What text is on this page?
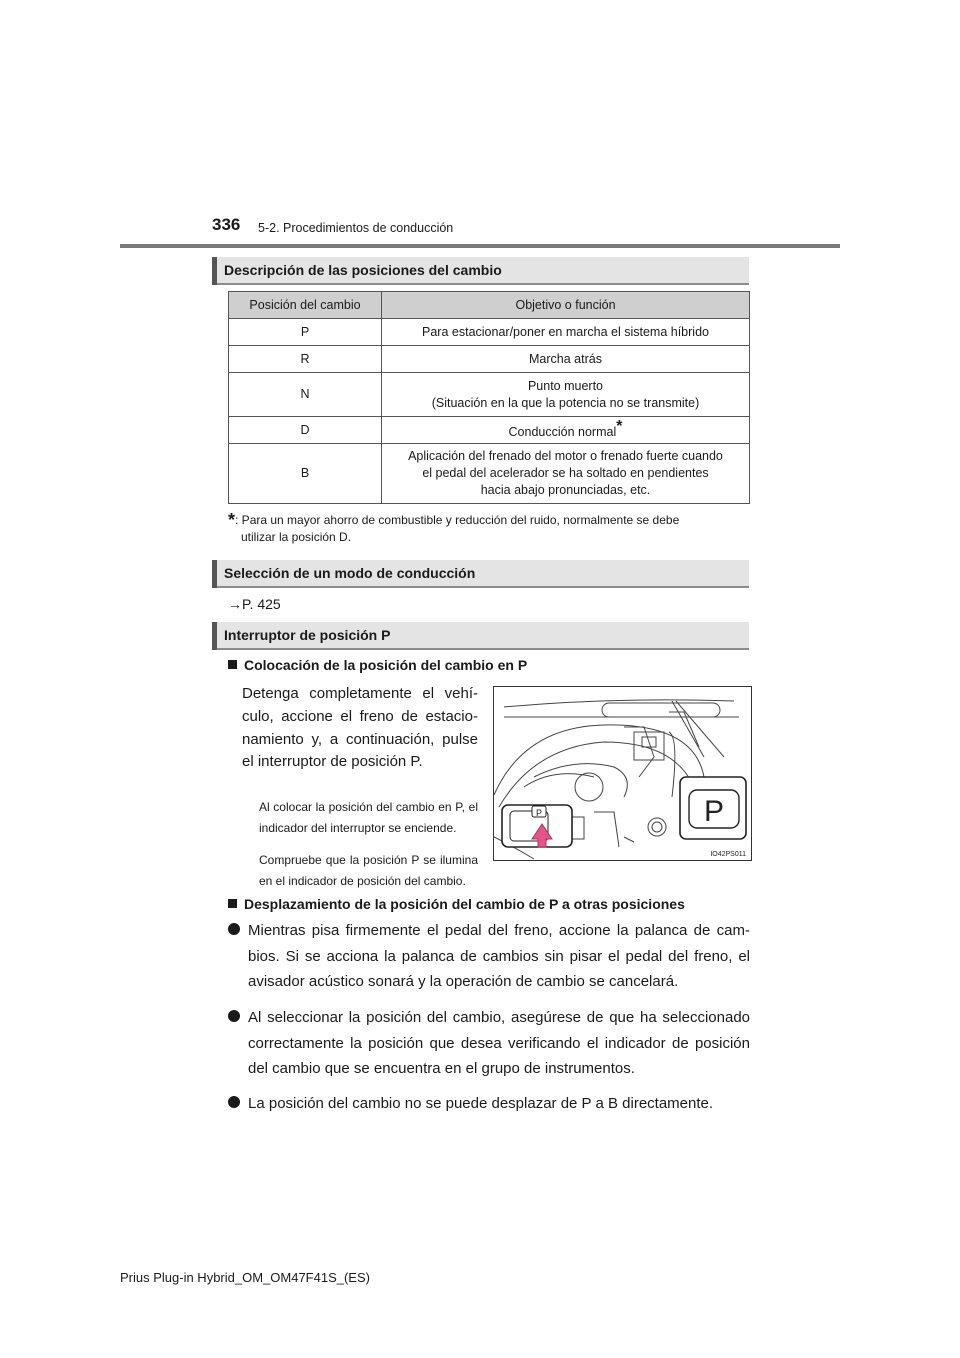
336 5-2. Procedimientos de conducción
Descripción de las posiciones del cambio
Posición del cambio	Objetivo o función
P	Para estacionar/poner en marcha el sistema híbrido
R	Marcha atrás
N	Punto muerto
(Situación en la que la potencia no se transmite)

D	Conducción normal*
B	Aplicación del frenado del motor o frenado fuerte cuando
el pedal del acelerador se ha soltado en pendientes
hacia abajo pronunciadas, etc.
*: Para un mayor ahorro de combustible y reducción del ruido, normalmente se debe
utilizar la posición D.
Selección de un modo de conducción
→P. 425
Interruptor de posición P
Colocación de la posición del cambio en P
Detenga completamente el vehículo, accione el freno de estacionamiento y, a continuación, pulse el interruptor de posición P.
Al colocar la posición del cambio en P, el indicador del interruptor se enciende.
Compruebe que la posición P se ilumina en el indicador de posición del cambio.
P	P
IO42PS011
Desplazamiento de la posición del cambio de P a otras posiciones
Mientras pisa firmemente el pedal del freno, accione la palanca de cambios. Si se acciona la palanca de cambios sin pisar el pedal del freno, el avisador acústico sonará y la operación de cambio se cancelará.
Al seleccionar la posición del cambio, asegúrese de que ha seleccionado correctamente la posición que desea verificando el indicador de posición del cambio que se encuentra en el grupo de instrumentos.
La posición del cambio no se puede desplazar de P a B directamente.
Prius Plug-in Hybrid_OM_OM47F41S_(ES)
